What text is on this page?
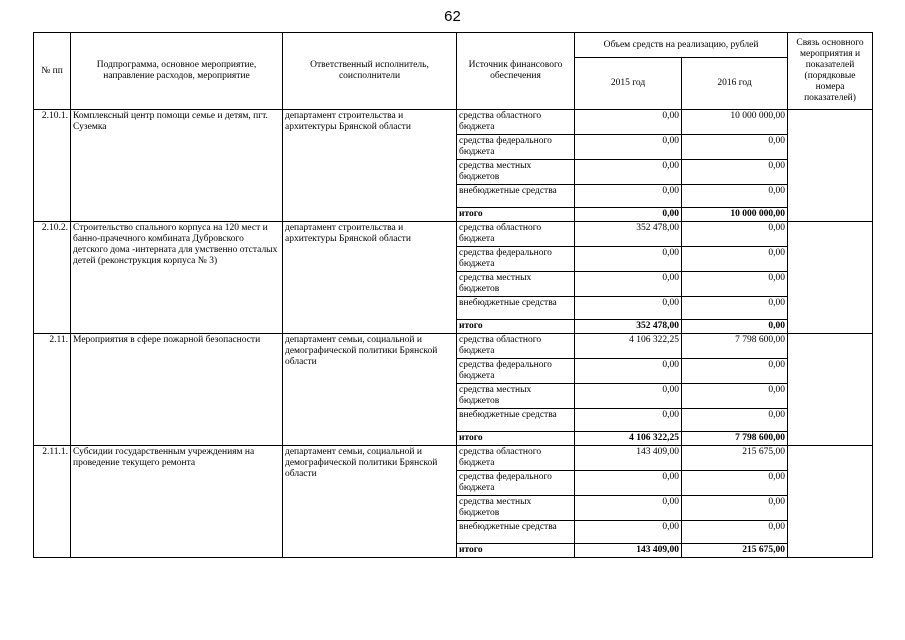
62
№ пп	Подпрограмма, основное мероприятие, направление расходов, мероприятие	Ответственный исполнитель, соисполнители	Источник финансового обеспечения	Объем средств на реализацию, рублей		Связь основного мероприятия и показателей (порядковые номера показателей)
				2015 год	2016 год	
2.10.1.	Комплексный центр помощи семье и детям, пгт. Суземка	департамент строительства и архитектуры Брянской области	средства областного бюджета	0,00	10 000 000,00	
			средства федерального бюджета	0,00	0,00	
			средства местных бюджетов	0,00	0,00	
			внебюджетные средства	0,00	0,00	
			итого	0,00	10 000 000,00	
2.10.2.	Строительство спального корпуса на 120 мест и банно-прачечного комбината Дубровского детского дома -интерната для умственно отсталых детей (реконструкция корпуса № 3)	департамент строительства и архитектуры Брянской области	средства областного бюджета	352 478,00	0,00	
			средства федерального бюджета	0,00	0,00	
			средства местных бюджетов	0,00	0,00	
			внебюджетные средства	0,00	0,00	
			итого	352 478,00	0,00	
2.11.	Мероприятия в сфере пожарной безопасности	департамент семьи, социальной и демографической политики Брянской области	средства областного бюджета	4 106 322,25	7 798 600,00	
			средства федерального бюджета	0,00	0,00	
			средства местных бюджетов	0,00	0,00	
			внебюджетные средства	0,00	0,00	
			итого	4 106 322,25	7 798 600,00	
2.11.1.	Субсидии государственным учреждениям на проведение текущего ремонта	департамент семьи, социальной и демографической политики Брянской области	средства областного бюджета	143 409,00	215 675,00	
			средства федерального бюджета	0,00	0,00	
			средства местных бюджетов	0,00	0,00	
			внебюджетные средства	0,00	0,00	
			итого	143 409,00	215 675,00	
